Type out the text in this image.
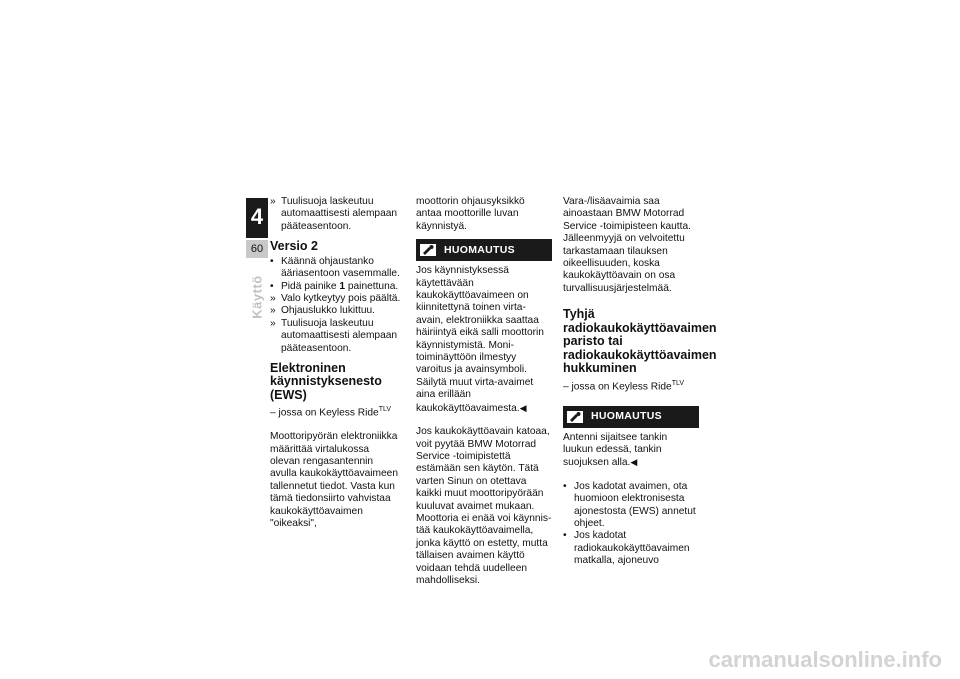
4
60
Käyttö
» Tuulisuoja laskeutuu automaattisesti alempaan pääteasentoon.
Versio 2
• Käännä ohjaustanko ääriasentoon vasemmalle.
• Pidä painike 1 painettuna.
» Valo kytkeytyy pois päältä.
» Ohjauslukko lukittuu.
» Tuulisuoja laskeutuu automaattisesti alempaan pääteasentoon.
Elektroninen käynnistyksenesto (EWS)

– jossa on Keyless Ride$^{TLV}$

Moottoripyörän elektroniikka
määrittää virtalukossa
olevan rengasantennin
avulla kaukokäyttöavaimeen
tallennetut tiedot. Vasta kun
tämä tiedonsiirto vahvistaa
kaukokäyttöavaimen "oikeaksi",

moottorin ohjausyksikkö antaa moottorille luvan käynnistyä.

HUOMAUTUS

Jos käynnistyksessä käytettävään kaukokäyttöavaimeen on kiinnitettynä toinen virta-avain, elektroniikka saattaa häiriintyä eikä salli moottorin käynnistymistä. Monitoiminäyttöön ilmestyy varoitus ja avainsymboli.

Säilytä muut virta-avaimet aina erillään kaukokäyttöavaimesta.◀

Jos kaukokäyttöavain katoaa, voit pyytää BMW Motorrad Service -toimipistettä estämään sen käytön. Tätä varten Sinun on otettava kaikki muut moottoripyörään kuuluvat avaimet mukaan.

Moottoria ei enää voi käynnistää kaukokäyttöavaimella, jonka käyttö on estetty, mutta tällaisen avaimen käyttö voidaan tehdä uudelleen mahdolliseksi.

Vara-/lisäavaimia saa ainoastaan BMW Motorrad Service -toimipisteen kautta. Jälleenmyyjä on velvoitettu tarkastamaan tilauksen oikeellisuuden, koska kaukokäyttöavain on osa turvallisuusjärjestelmää.

Tyhjä radiokaukokäyttöavaimen paristo tai radiokaukokäyttöavaimen hukkuminen

– jossa on Keyless Ride$^{TLV}$

HUOMAUTUS

Antenni sijaitsee tankin luukun edessä, tankin suojuksen alla.◀

• Jos kadotat avaimen, ota huomioon elektronisesta ajonestosta (EWS) annetut ohjeet.
• Jos kadotat radiokaukokäyttöavaimen matkalla, ajoneuvo
carmanualsonline.info
